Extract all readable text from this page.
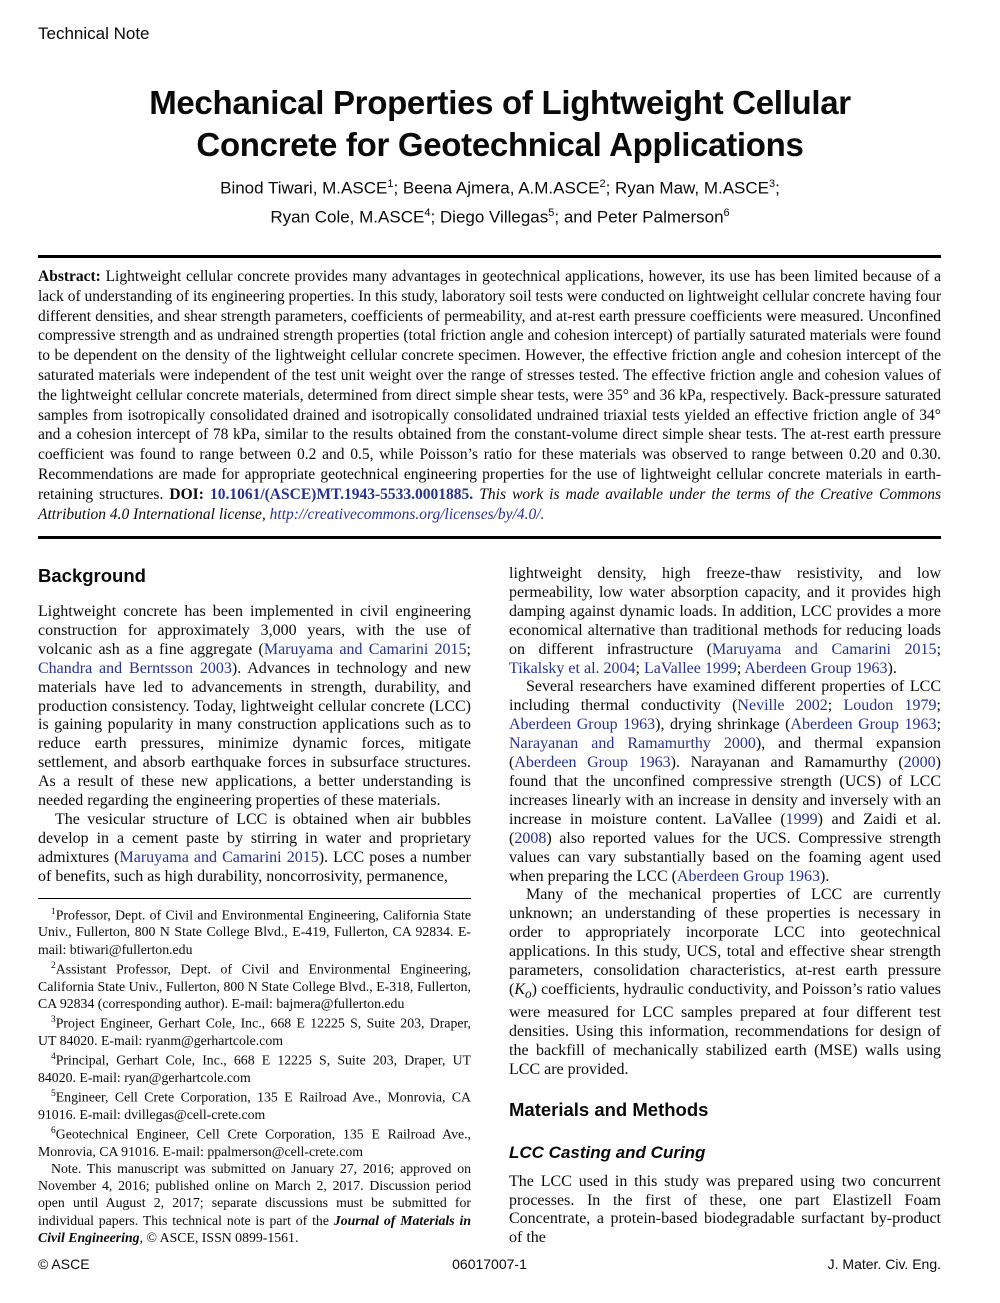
Technical Note
Mechanical Properties of Lightweight Cellular
Concrete for Geotechnical Applications
Binod Tiwari, M.ASCE$^1$; Beena Ajmera, A.M.ASCE$^2$; Ryan Maw, M.ASCE$^3$;
Ryan Cole, M.ASCE$^4$; Diego Villegas$^5$; and Peter Palmerson$^6$
Abstract: Lightweight cellular concrete provides many advantages in geotechnical applications, however, its use has been limited because of a lack of understanding of its engineering properties. In this study, laboratory soil tests were conducted on lightweight cellular concrete having four different densities, and shear strength parameters, coefficients of permeability, and at-rest earth pressure coefficients were measured. Unconfined compressive strength and as undrained strength properties (total friction angle and cohesion intercept) of partially saturated materials were found to be dependent on the density of the lightweight cellular concrete specimen. However, the effective friction angle and cohesion intercept of the saturated materials were independent of the test unit weight over the range of stresses tested. The effective friction angle and cohesion values of the lightweight cellular concrete materials, determined from direct simple shear tests, were 35° and 36 kPa, respectively. Back-pressure saturated samples from isotropically consolidated drained and isotropically consolidated undrained triaxial tests yielded an effective friction angle of 34° and a cohesion intercept of 78 kPa, similar to the results obtained from the constant-volume direct simple shear tests. The at-rest earth pressure coefficient was found to range between 0.2 and 0.5, while Poisson’s ratio for these materials was observed to range between 0.20 and 0.30. Recommendations are made for appropriate geotechnical engineering properties for the use of lightweight cellular concrete materials in earth-retaining structures. DOI: 10.1061/(ASCE)MT.1943-5533.0001885. This work is made available under the terms of the Creative Commons Attribution 4.0 International license, http://creativecommons.org/licenses/by/4.0/.
Background

Lightweight concrete has been implemented in civil engineering construction for approximately 3,000 years, with the use of volcanic ash as a fine aggregate (Maruyama and Camarini 2015; Chandra and Berntsson 2003). Advances in technology and new materials have led to advancements in strength, durability, and production consistency. Today, lightweight cellular concrete (LCC) is gaining popularity in many construction applications such as to reduce earth pressures, minimize dynamic forces, mitigate settlement, and absorb earthquake forces in subsurface structures. As a result of these new applications, a better understanding is needed regarding the engineering properties of these materials.

The vesicular structure of LCC is obtained when air bubbles develop in a cement paste by stirring in water and proprietary admixtures (Maruyama and Camarini 2015). LCC poses a number of benefits, such as high durability, noncorrosivity, permanence,

$^1$Professor, Dept. of Civil and Environmental Engineering, California State Univ., Fullerton, 800 N State College Blvd., E-419, Fullerton, CA 92834. E-mail: btiwari@fullerton.edu

$^2$Assistant Professor, Dept. of Civil and Environmental Engineering, California State Univ., Fullerton, 800 N State College Blvd., E-318, Fullerton, CA 92834 (corresponding author). E-mail: bajmera@fullerton.edu

$^3$Project Engineer, Gerhart Cole, Inc., 668 E 12225 S, Suite 203, Draper, UT 84020. E-mail: ryanm@gerhartcole.com

$^4$Principal, Gerhart Cole, Inc., 668 E 12225 S, Suite 203, Draper, UT 84020. E-mail: ryan@gerhartcole.com

$^5$Engineer, Cell Crete Corporation, 135 E Railroad Ave., Monrovia, CA 91016. E-mail: dvillegas@cell-crete.com

$^6$Geotechnical Engineer, Cell Crete Corporation, 135 E Railroad Ave., Monrovia, CA 91016. E-mail: ppalmerson@cell-crete.com

Note. This manuscript was submitted on January 27, 2016; approved on November 4, 2016; published online on March 2, 2017. Discussion period open until August 2, 2017; separate discussions must be submitted for individual papers. This technical note is part of the Journal of Materials in Civil Engineering, © ASCE, ISSN 0899-1561.

lightweight density, high freeze-thaw resistivity, and low permeability, low water absorption capacity, and it provides high damping against dynamic loads. In addition, LCC provides a more economical alternative than traditional methods for reducing loads on different infrastructure (Maruyama and Camarini 2015; Tikalsky et al. 2004; LaVallee 1999; Aberdeen Group 1963).

Several researchers have examined different properties of LCC including thermal conductivity (Neville 2002; Loudon 1979; Aberdeen Group 1963), drying shrinkage (Aberdeen Group 1963; Narayanan and Ramamurthy 2000), and thermal expansion (Aberdeen Group 1963). Narayanan and Ramamurthy (2000) found that the unconfined compressive strength (UCS) of LCC increases linearly with an increase in density and inversely with an increase in moisture content. LaVallee (1999) and Zaidi et al. (2008) also reported values for the UCS. Compressive strength values can vary substantially based on the foaming agent used when preparing the LCC (Aberdeen Group 1963).

Many of the mechanical properties of LCC are currently unknown; an understanding of these properties is necessary in order to appropriately incorporate LCC into geotechnical applications. In this study, UCS, total and effective shear strength parameters, consolidation characteristics, at-rest earth pressure $(K_o)$ coefficients, hydraulic conductivity, and Poisson’s ratio values were measured for LCC samples prepared at four different test densities. Using this information, recommendations for design of the backfill of mechanically stabilized earth (MSE) walls using LCC are provided.

Materials and Methods
LCC Casting and Curing

The LCC used in this study was prepared using two concurrent processes. In the first of these, one part Elastizell Foam Concentrate, a protein-based biodegradable surfactant by-product of the

© ASCE	06017007-1	J. Mater. Civ. Eng.
